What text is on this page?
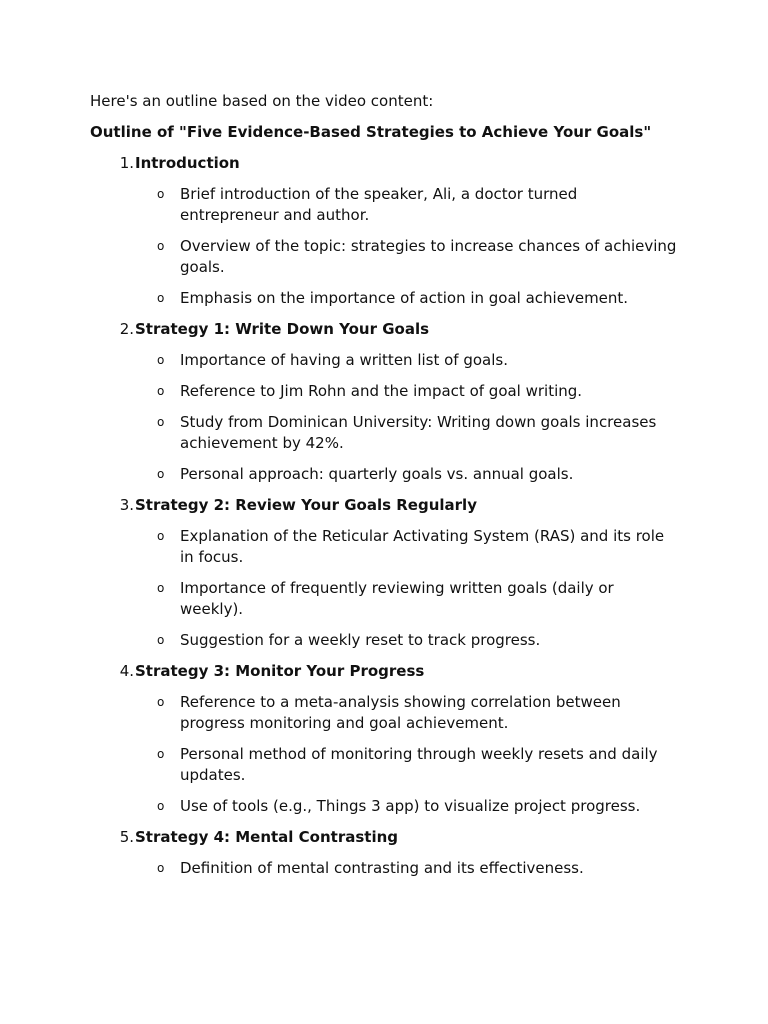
Here's an outline based on the video content:

Outline of "Five Evidence-Based Strategies to Achieve Your Goals"

1. Introduction
o Brief introduction of the speaker, Ali, a doctor turned entrepreneur and author.
o Overview of the topic: strategies to increase chances of achieving goals.
o Emphasis on the importance of action in goal achievement.
2. Strategy 1: Write Down Your Goals
o Importance of having a written list of goals.
o Reference to Jim Rohn and the impact of goal writing.
o Study from Dominican University: Writing down goals increases achievement by 42%.
o Personal approach: quarterly goals vs. annual goals.
3. Strategy 2: Review Your Goals Regularly
o Explanation of the Reticular Activating System (RAS) and its role in focus.
o Importance of frequently reviewing written goals (daily or weekly).
o Suggestion for a weekly reset to track progress.
4. Strategy 3: Monitor Your Progress
o Reference to a meta-analysis showing correlation between progress monitoring and goal achievement.
o Personal method of monitoring through weekly resets and daily updates.
o Use of tools (e.g., Things 3 app) to visualize project progress.
5. Strategy 4: Mental Contrasting
o Definition of mental contrasting and its effectiveness.
